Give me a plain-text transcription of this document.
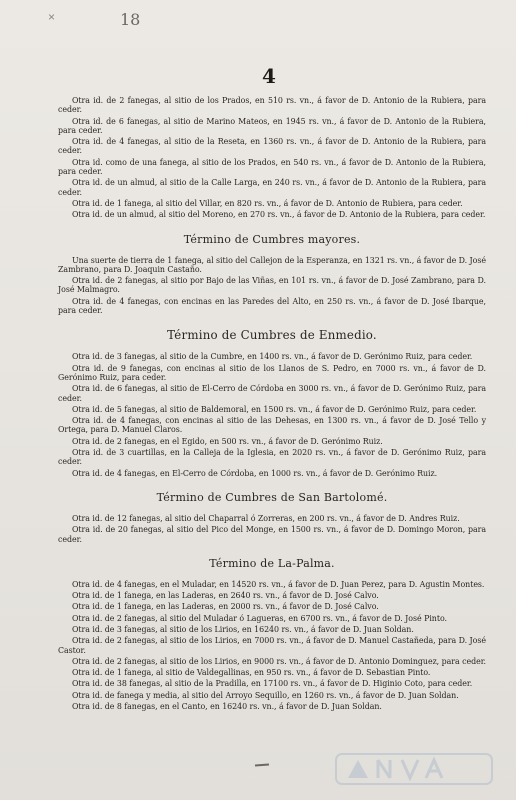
×	18
4

Otra id. de 2 fanegas, al sitio de los Prados, en 510 rs. vn., á favor de D. Antonio de la Rubiera, para ceder.

Otra id. de 6 fanegas, al sitio de Marino Mateos, en 1945 rs. vn., á favor de D. Antonio de la Rubiera, para ceder.

Otra id. de 4 fanegas, al sitio de la Reseta, en 1360 rs. vn., á favor de D. Antonio de la Rubiera, para ceder.

Otra id. como de una fanega, al sitio de los Prados, en 540 rs. vn., á favor de D. Antonio de la Rubiera, para ceder.

Otra id. de un almud, al sitio de la Calle Larga, en 240 rs. vn., á favor de D. Antonio de la Rubiera, para ceder.

Otra id. de 1 fanega, al sitio del Villar, en 820 rs. vn., á favor de D. Antonio de Rubiera, para ceder.

Otra id. de un almud, al sitio del Moreno, en 270 rs. vn., á favor de D. Antonio de la Rubiera, para ceder.

Término de Cumbres mayores.

Una suerte de tierra de 1 fanega, al sitio del Callejon de la Esperanza, en 1321 rs. vn., á favor de D. José Zambrano, para D. Joaquin Castaño.

Otra id. de 2 fanegas, al sitio por Bajo de las Viñas, en 101 rs. vn., á favor de D. José Zambrano, para D. José Malmagro.

Otra id. de 4 fanegas, con encinas en las Paredes del Alto, en 250 rs. vn., á favor de D. José Ibarque, para ceder.

Término de Cumbres de Enmedio.

Otra id. de 3 fanegas, al sitio de la Cumbre, en 1400 rs. vn., á favor de D. Gerónimo Ruiz, para ceder.

Otra id. de 9 fanegas, con encinas al sitio de los Llanos de S. Pedro, en 7000 rs. vn., á favor de D. Gerónimo Ruiz, para ceder.

Otra id. de 6 fanegas, al sitio de El-Cerro de Córdoba en 3000 rs. vn., á favor de D. Gerónimo Ruiz, para ceder.

Otra id. de 5 fanegas, al sitio de Baldemoral, en 1500 rs. vn., á favor de D. Gerónimo Ruiz, para ceder.

Otra id. de 4 fanegas, con encinas al sitio de las Dehesas, en 1300 rs. vn., á favor de D. José Tello y Ortega, para D. Manuel Claros.

Otra id. de 2 fanegas, en el Egido, en 500 rs. vn., á favor de D. Gerónimo Ruiz.

Otra id. de 3 cuartillas, en la Calleja de la Iglesia, en 2020 rs. vn., á favor de D. Gerónimo Ruiz, para ceder.

Otra id. de 4 fanegas, en El-Cerro de Córdoba, en 1000 rs. vn., á favor de D. Gerónimo Ruiz.

Término de Cumbres de San Bartolomé.

Otra id. de 12 fanegas, al sitio del Chaparral ó Zorreras, en 200 rs. vn., á favor de D. Andres Ruiz.

Otra id. de 20 fanegas, al sitio del Pico del Monge, en 1500 rs. vn., á favor de D. Domingo Moron, para ceder.

Término de La-Palma.

Otra id. de 4 fanegas, en el Muladar, en 14520 rs. vn., á favor de D. Juan Perez, para D. Agustin Montes.

Otra id. de 1 fanega, en las Laderas, en 2640 rs. vn., á favor de D. José Calvo.

Otra id. de 1 fanega, en las Laderas, en 2000 rs. vn., á favor de D. José Calvo.

Otra id. de 2 fanegas, al sitio del Muladar ó Lagueras, en 6700 rs. vn., á favor de D. José Pinto.

Otra id. de 3 fanegas, al sitio de los Lirios, en 16240 rs. vn., á favor de D. Juan Soldan.

Otra id. de 2 fanegas, al sitio de los Lirios, en 7000 rs. vn., á favor de D. Manuel Castañeda, para D. José Castor.

Otra id. de 2 fanegas, al sitio de los Lirios, en 9000 rs. vn., á favor de D. Antonio Dominguez, para ceder.

Otra id. de 1 fanega, al sitio de Valdegallinas, en 950 rs. vn., á favor de D. Sebastian Pinto.

Otra id. de 38 fanegas, al sitio de la Pradilla, en 17100 rs. vn., á favor de D. Higinio Coto, para ceder.

Otra id. de fanega y media, al sitio del Arroyo Sequillo, en 1260 rs. vn., á favor de D. Juan Soldan.

Otra id. de 8 fanegas, en el Canto, en 16240 rs. vn., á favor de D. Juan Soldan.
